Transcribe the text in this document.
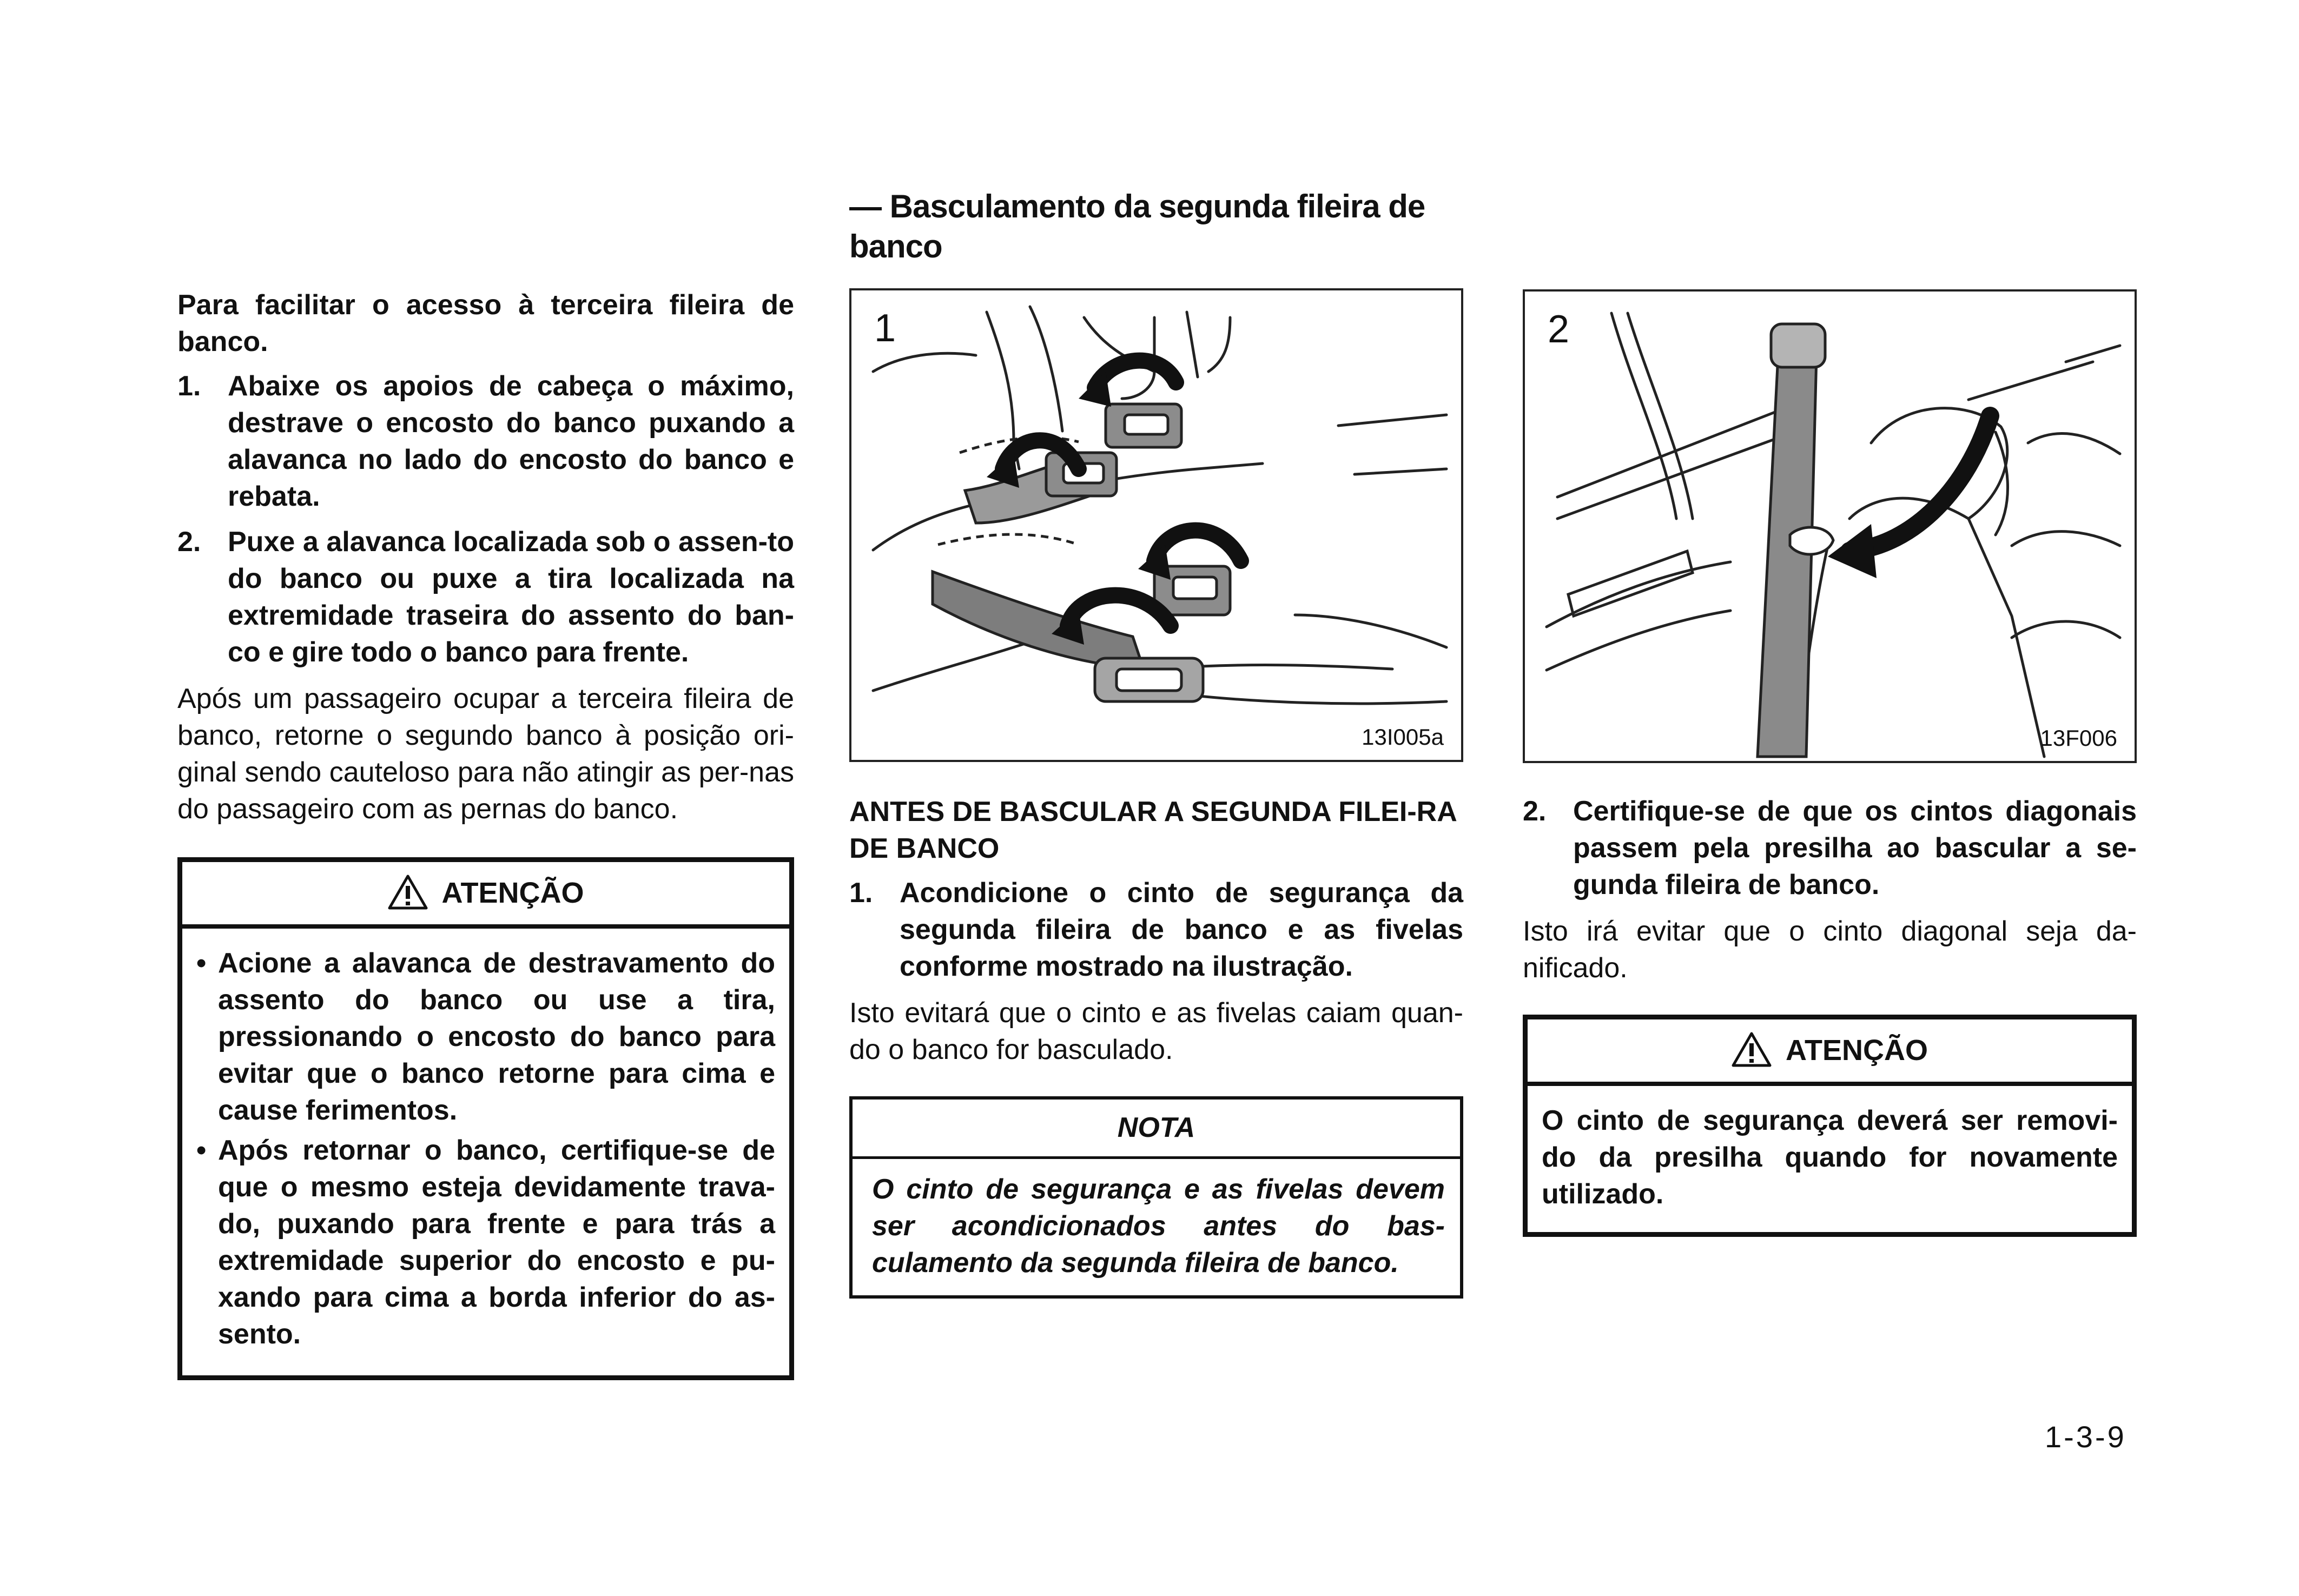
Para facilitar o acesso à terceira fileira de banco.

1. Abaixe os apoios de cabeça o máximo, destrave o encosto do banco puxando a alavanca no lado do encosto do banco e rebata.
2. Puxe a alavanca localizada sob o assen-to do banco ou puxe a tira localizada na extremidade traseira do assento do ban-co e gire todo o banco para frente.

Após um passageiro ocupar a terceira fileira de banco, retorne o segundo banco à posição ori-ginal sendo cauteloso para não atingir as per-nas do passageiro com as pernas do banco.

ATENÇÃO
• Acione a alavanca de destravamento do assento do banco ou use a tira, pressionando o encosto do banco para evitar que o banco retorne para cima e cause ferimentos.
• Após retornar o banco, certifique-se de que o mesmo esteja devidamente trava-do, puxando para frente e para trás a extremidade superior do encosto e pu-xando para cima a borda inferior do as-sento.
— Basculamento da segunda fileira de banco
1
13I005a
ANTES DE BASCULAR A SEGUNDA FILEI-RA DE BANCO
1. Acondicione o cinto de segurança da segunda fileira de banco e as fivelas conforme mostrado na ilustração.

Isto evitará que o cinto e as fivelas caiam quan-do o banco for basculado.

NOTA
O cinto de segurança e as fivelas devem ser acondicionados antes do bas-culamento da segunda fileira de banco.
2
13F006
2. Certifique-se de que os cintos diagonais passem pela presilha ao bascular a se-gunda fileira de banco.

Isto irá evitar que o cinto diagonal seja da-nificado.

ATENÇÃO

O cinto de segurança deverá ser removi-do da presilha quando for novamente utilizado.

1-3-9
